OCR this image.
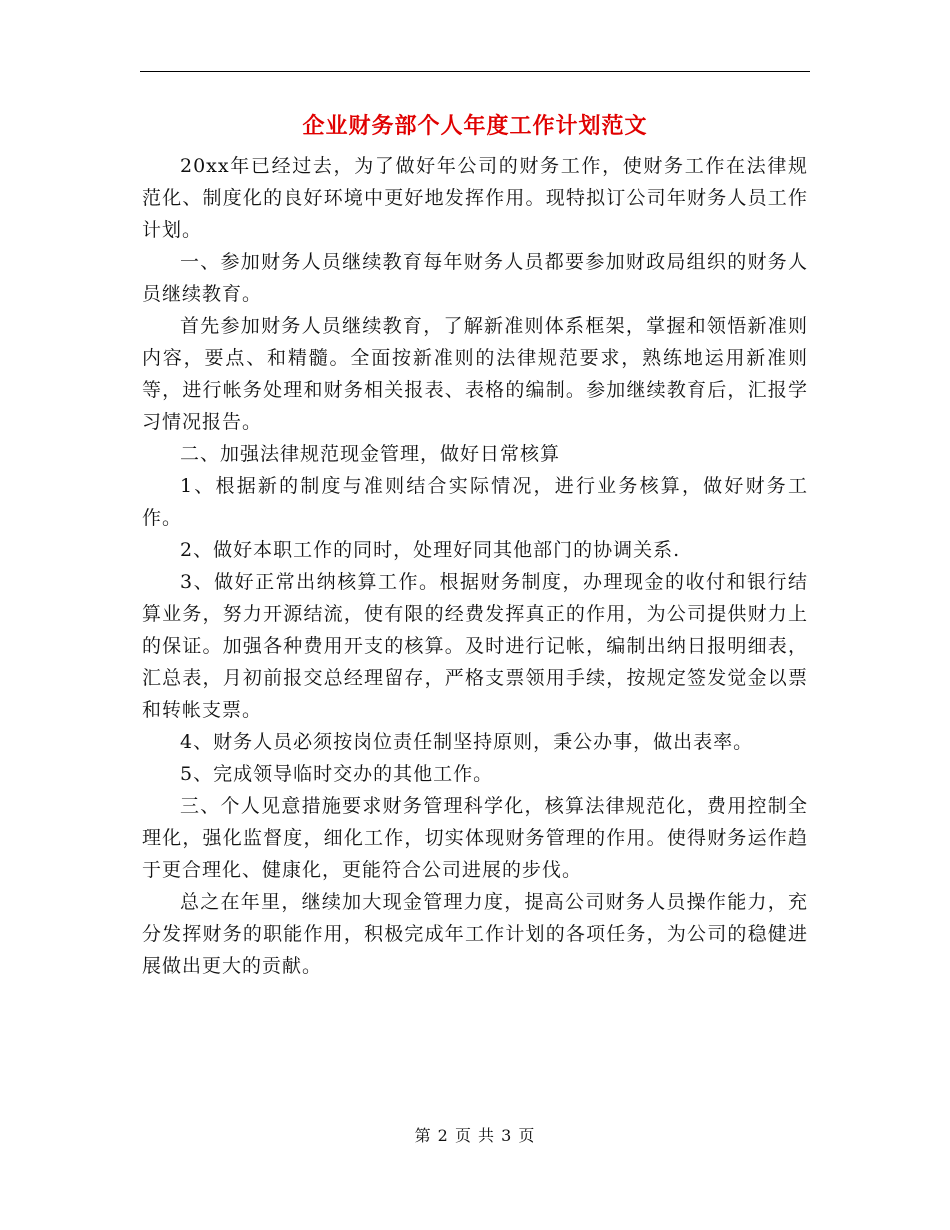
企业财务部个人年度工作计划范文

20xx年已经过去，为了做好年公司的财务工作，使财务工作在法律规范化、制度化的良好环境中更好地发挥作用。现特拟订公司年财务人员工作计划。

一、参加财务人员继续教育每年财务人员都要参加财政局组织的财务人员继续教育。

首先参加财务人员继续教育，了解新准则体系框架，掌握和领悟新准则内容，要点、和精髓。全面按新准则的法律规范要求，熟练地运用新准则等，进行帐务处理和财务相关报表、表格的编制。参加继续教育后，汇报学习情况报告。

二、加强法律规范现金管理，做好日常核算

1、根据新的制度与准则结合实际情况，进行业务核算，做好财务工作。

2、做好本职工作的同时，处理好同其他部门的协调关系.

3、做好正常出纳核算工作。根据财务制度，办理现金的收付和银行结算业务，努力开源结流，使有限的经费发挥真正的作用，为公司提供财力上的保证。加强各种费用开支的核算。及时进行记帐，编制出纳日报明细表，汇总表，月初前报交总经理留存，严格支票领用手续，按规定签发觉金以票和转帐支票。

4、财务人员必须按岗位责任制坚持原则，秉公办事，做出表率。

5、完成领导临时交办的其他工作。

三、个人见意措施要求财务管理科学化，核算法律规范化，费用控制全理化，强化监督度，细化工作，切实体现财务管理的作用。使得财务运作趋于更合理化、健康化，更能符合公司进展的步伐。

总之在年里，继续加大现金管理力度，提高公司财务人员操作能力，充分发挥财务的职能作用，积极完成年工作计划的各项任务，为公司的稳健进展做出更大的贡献。

第 2 页 共 3 页
